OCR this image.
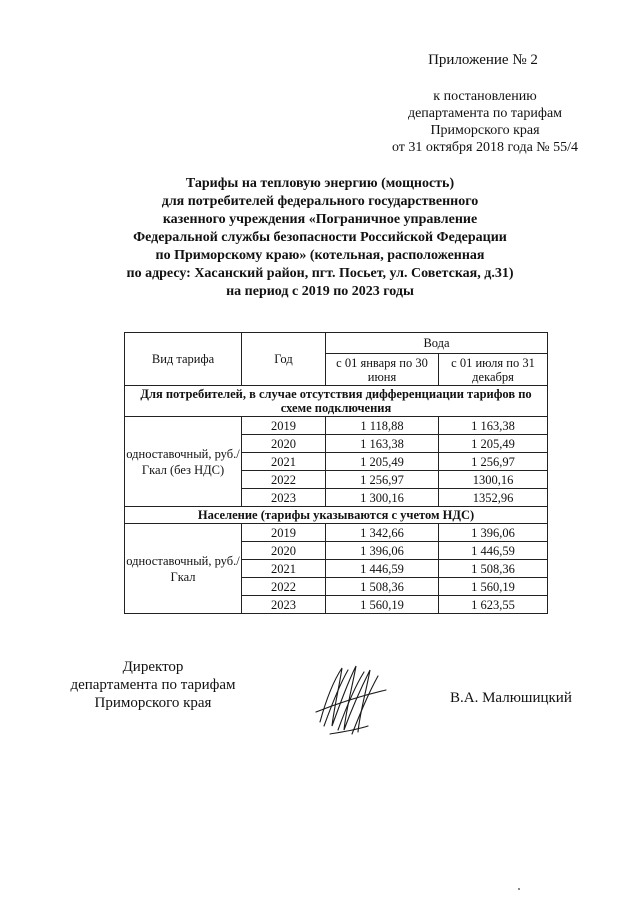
Приложение № 2
к постановлению
департамента по тарифам
Приморского края
от 31 октября 2018 года № 55/4
Тарифы на тепловую энергию (мощность)
для потребителей федерального государственного
казенного учреждения «Пограничное управление
Федеральной службы безопасности Российской Федерации
по Приморскому краю» (котельная, расположенная
по адресу: Хасанский район, пгт. Посьет, ул. Советская, д.31)
на период с 2019 по 2023 годы
Вид тарифа	Год	Вода	
		с 01 января по 30 июня	с 01 июля по 31 декабря
Для потребителей, в случае отсутствия дифференциации тарифов по схеме подключения			
одноставочный, руб./Гкал (без НДС)	2019	1 118,88	1 163,38
	2020	1 163,38	1 205,49
	2021	1 205,49	1 256,97
	2022	1 256,97	1300,16
	2023	1 300,16	1352,96
Население (тарифы указываются с учетом НДС)			
одноставочный, руб./Гкал	2019	1 342,66	1 396,06
	2020	1 396,06	1 446,59
	2021	1 446,59	1 508,36
	2022	1 508,36	1 560,19
	2023	1 560,19	1 623,55
Директор
департамента по тарифам
Приморского края	В.А. Малюшицкий
